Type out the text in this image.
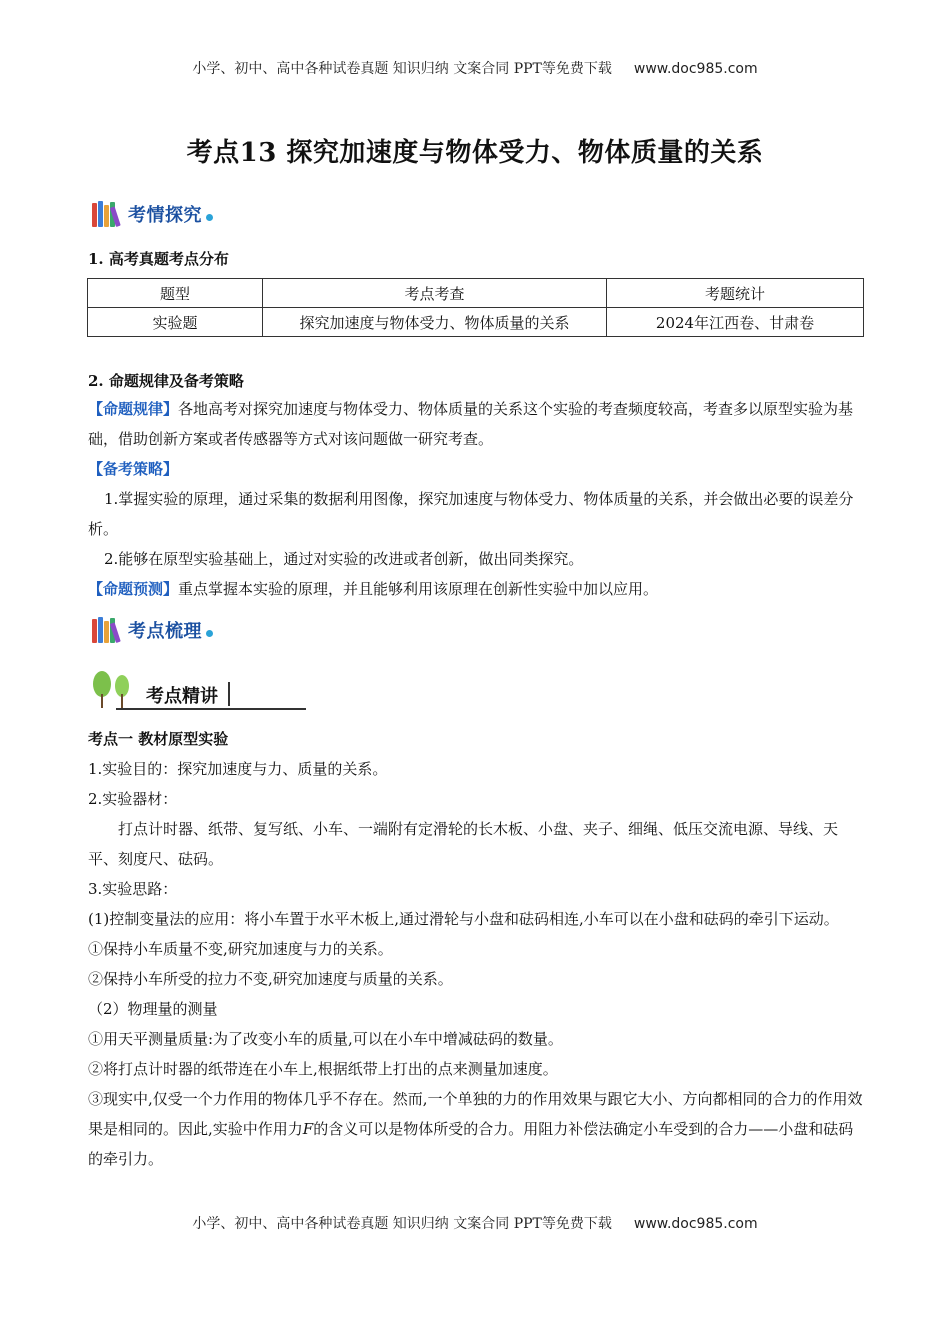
小学、初中、高中各种试卷真题 知识归纳 文案合同 PPT等免费下载 www.doc985.com
考点13 探究加速度与物体受力、物体质量的关系
考情探究
1. 高考真题考点分布
题型	考点考查	考题统计
实验题	探究加速度与物体受力、物体质量的关系	2024年江西卷、甘肃卷
2. 命题规律及备考策略
【命题规律】各地高考对探究加速度与物体受力、物体质量的关系这个实验的考查频度较高，考查多以原型实验为基础，借助创新方案或者传感器等方式对该问题做一研究考查。
【备考策略】
1.掌握实验的原理，通过采集的数据利用图像，探究加速度与物体受力、物体质量的关系，并会做出必要的误差分析。
2.能够在原型实验基础上，通过对实验的改进或者创新，做出同类探究。
【命题预测】重点掌握本实验的原理，并且能够利用该原理在创新性实验中加以应用。
考点梳理
考点精讲

考点一 教材原型实验

1.实验目的：探究加速度与力、质量的关系。

2.实验器材：

打点计时器、纸带、复写纸、小车、一端附有定滑轮的长木板、小盘、夹子、细绳、低压交流电源、导线、天平、刻度尺、砝码。

3.实验思路：

(1)控制变量法的应用：将小车置于水平木板上,通过滑轮与小盘和砝码相连,小车可以在小盘和砝码的牵引下运动。

①保持小车质量不变,研究加速度与力的关系。

②保持小车所受的拉力不变,研究加速度与质量的关系。

（2）物理量的测量

①用天平测量质量:为了改变小车的质量,可以在小车中增减砝码的数量。

②将打点计时器的纸带连在小车上,根据纸带上打出的点来测量加速度。

③现实中,仅受一个力作用的物体几乎不存在。然而,一个单独的力的作用效果与跟它大小、方向都相同的合力的作用效果是相同的。因此,实验中作用力F的含义可以是物体所受的合力。用阻力补偿法确定小车受到的合力——小盘和砝码的牵引力。

小学、初中、高中各种试卷真题 知识归纳 文案合同 PPT等免费下载 www.doc985.com
